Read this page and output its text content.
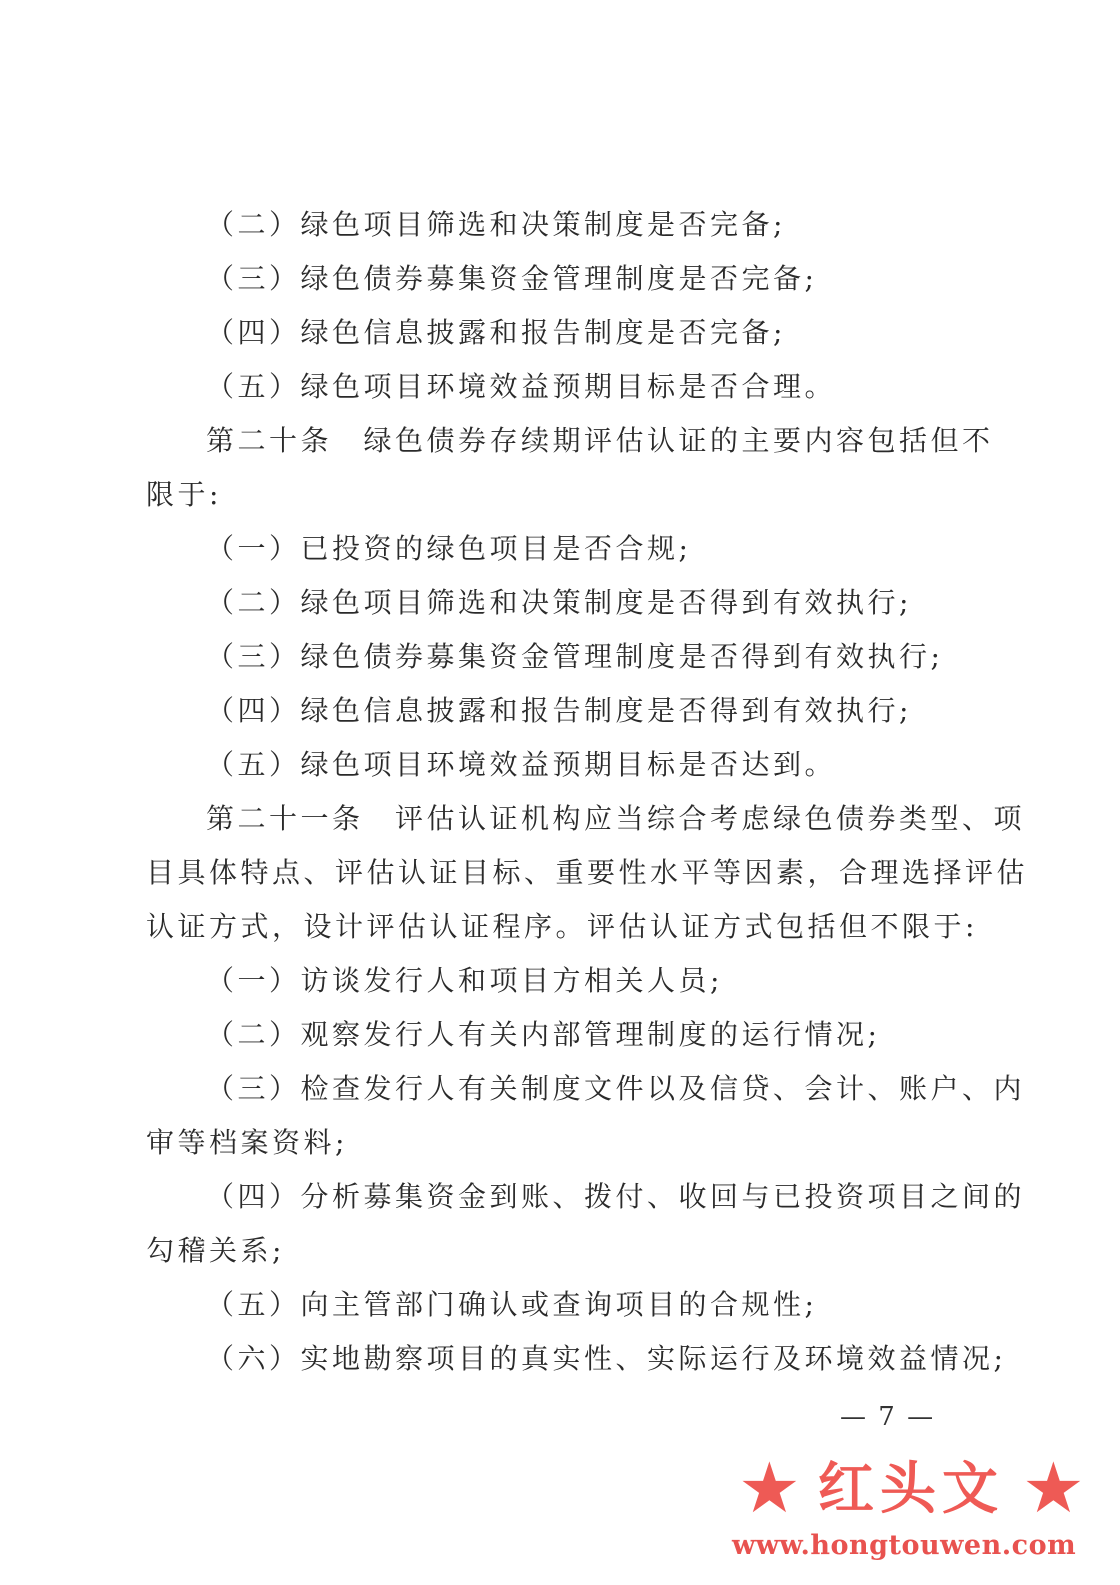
（二）绿色项目筛选和决策制度是否完备;
（三）绿色债券募集资金管理制度是否完备;
（四）绿色信息披露和报告制度是否完备;
（五）绿色项目环境效益预期目标是否合理。
第二十条　绿色债券存续期评估认证的主要内容包括但不
限于:
（一）已投资的绿色项目是否合规;
（二）绿色项目筛选和决策制度是否得到有效执行;
（三）绿色债券募集资金管理制度是否得到有效执行;
（四）绿色信息披露和报告制度是否得到有效执行;
（五）绿色项目环境效益预期目标是否达到。
第二十一条　评估认证机构应当综合考虑绿色债券类型、项
目具体特点、评估认证目标、重要性水平等因素，合理选择评估
认证方式，设计评估认证程序。评估认证方式包括但不限于:
（一）访谈发行人和项目方相关人员;
（二）观察发行人有关内部管理制度的运行情况;
（三）检查发行人有关制度文件以及信贷、会计、账户、内
审等档案资料;
（四）分析募集资金到账、拨付、收回与已投资项目之间的
勾稽关系;
（五）向主管部门确认或查询项目的合规性;
（六）实地勘察项目的真实性、实际运行及环境效益情况;
— 7 —
★ 红头文 ★
www.hongtouwen.com
